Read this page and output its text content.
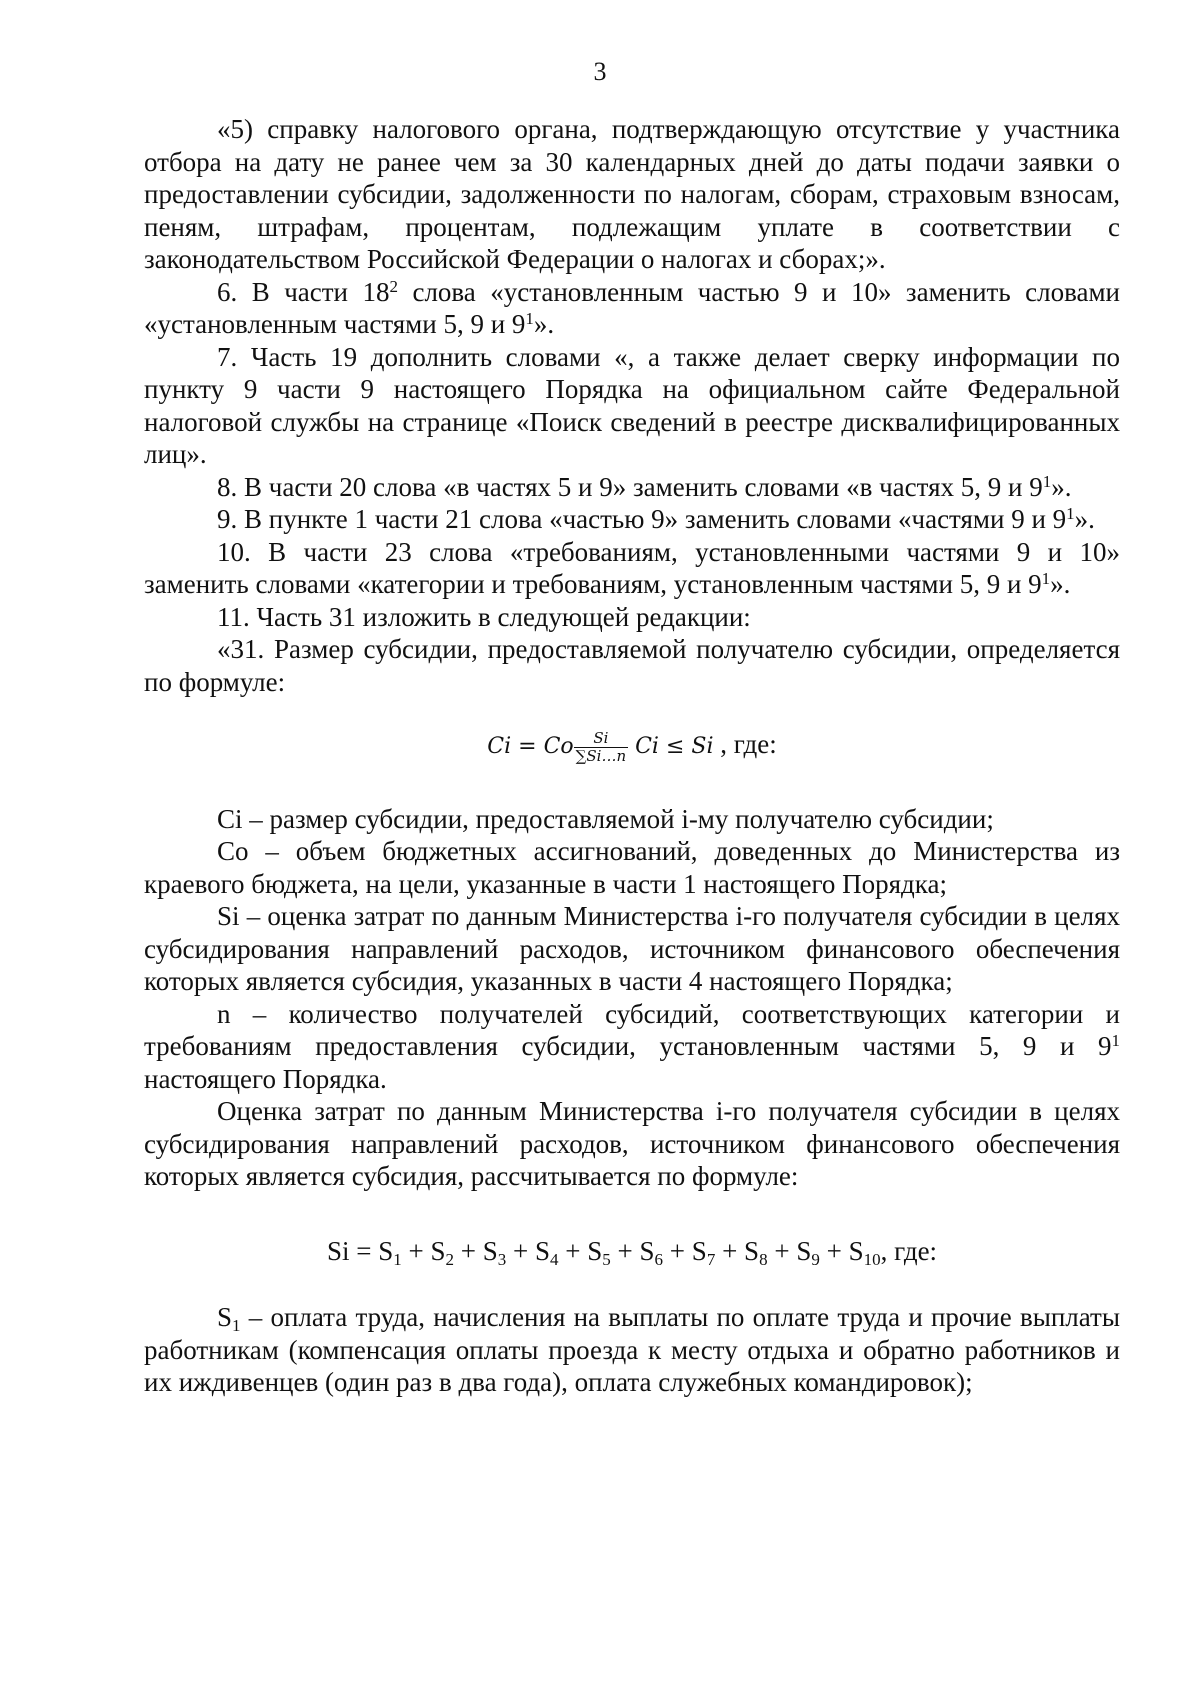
3

«5) справку налогового органа, подтверждающую отсутствие у участника отбора на дату не ранее чем за 30 календарных дней до даты подачи заявки о предоставлении субсидии, задолженности по налогам, сборам, страховым взносам, пеням, штрафам, процентам, подлежащим уплате в соответствии с законодательством Российской Федерации о налогах и сборах;».

6. В части $18^2$ слова «установленным частью 9 и 10» заменить словами «установленным частями 5, 9 и $9^1$».

7. Часть 19 дополнить словами «, а также делает сверку информации по пункту 9 части 9 настоящего Порядка на официальном сайте Федеральной налоговой службы на странице «Поиск сведений в реестре дисквалифицированных лиц».

8. В части 20 слова «в частях 5 и 9» заменить словами «в частях 5, 9 и $9^1$».

9. В пункте 1 части 21 слова «частью 9» заменить словами «частями 9 и $9^1$».

10. В части 23 слова «требованиям, установленными частями 9 и 10» заменить словами «категории и требованиям, установленным частями 5, 9 и $9^1$».

11. Часть 31 изложить в следующей редакции:

«31. Размер субсидии, предоставляемой получателю субсидии, определяется по формуле:

Ci = Co $\frac{Si}{\sum Si\dots n}$ Ci ≤ Si , где:

Ci – размер субсидии, предоставляемой i-му получателю субсидии;

Co – объем бюджетных ассигнований, доведенных до Министерства из краевого бюджета, на цели, указанные в части 1 настоящего Порядка;

Si – оценка затрат по данным Министерства i-го получателя субсидии в целях субсидирования направлений расходов, источником финансового обеспечения которых является субсидия, указанных в части 4 настоящего Порядка;

n – количество получателей субсидий, соответствующих категории и требованиям предоставления субсидии, установленным частями 5, 9 и $9^1$ настоящего Порядка.

Оценка затрат по данным Министерства i-го получателя субсидии в целях субсидирования направлений расходов, источником финансового обеспечения которых является субсидия, рассчитывается по формуле:

$Si = S_1 + S_2 + S_3 + S_4 + S_5 + S_6 + S_7 + S_8 + S_9 + S_{10}$, где:

$S_1$ – оплата труда, начисления на выплаты по оплате труда и прочие выплаты работникам (компенсация оплаты проезда к месту отдыха и обратно работников и их иждивенцев (один раз в два года), оплата служебных командировок);
